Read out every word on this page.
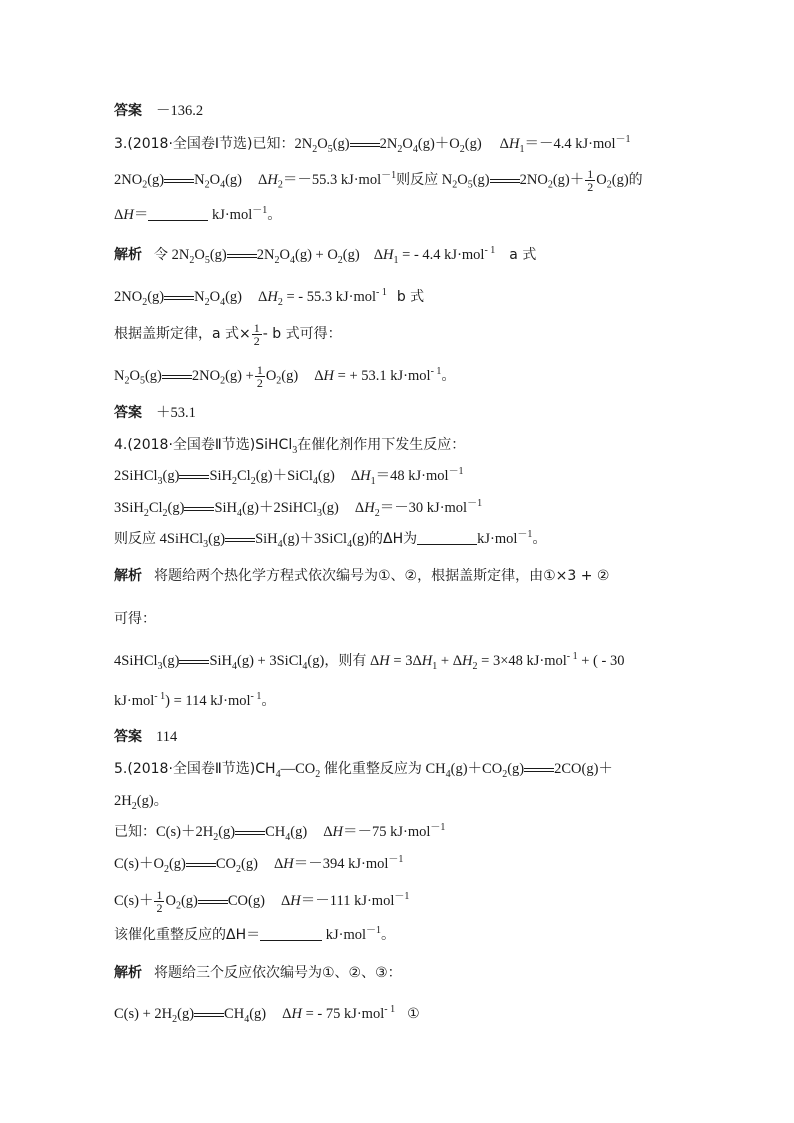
答案 －136.2
3.(2018·全国卷Ⅰ节选)已知：$2N_2O_5(g)$ $2N_2O_4(g)+O_2(g)$ $\Delta H_1=-4.4$ kJ·mol$^{-1}$
$2NO_2(g)$ $N_2O_4(g)$ $\Delta H_2=-55.3$ kJ·mol$^{-1}$则反应 $N_2O_5(g)$ $2NO_2(g)+ \frac{1}{2} O_2(g)$的
ΔH＝	kJ·mol$^{-1}$。
解析 令 $2N_2O_5(g) 2N_2O_4(g) + O_2(g) \Delta H_1$ = - 4.4 kJ·mol$^{- 1}$ a 式
$2NO_2(g)$ $N_2O_4(g) \Delta H_2$ = - 55.3 kJ·mol$^{- 1}$ b 式
根据盖斯定律，a 式× $\frac{1}{2}$ - b 式可得：
$N_2O_5(g) 2NO_2(g) + \frac{1}{2} O_2(g) \Delta H$ = + 53.1 kJ·mol$^{- 1}$。
答案 ＋53.1
4.(2018·全国卷Ⅱ节选)SiHCl$_3$在催化剂作用下发生反应：
2SiHCl$_3$(g) $SiH_2Cl_2(g)+SiCl_4(g)$ $\Delta H_1=48$ kJ·mol$^{-1}$
$3SiH_2Cl_2(g)$ SiH$_4$(g)＋2SiHCl$_3$(g) $\Delta H_2=-30$ kJ·mol$^{-1}$
则反应 4SiHCl$_3$(g) SiH$_4$(g)＋3SiCl$_4$(g)的ΔH为	kJ·mol$^{-1}$。
解析 将题给两个热化学方程式依次编号为①、②，根据盖斯定律，由①×3 + ②
可得：
4SiHCl$_3$(g) SiH$_4$(g) + 3SiCl$_4$(g)，则有 $\Delta H = 3\Delta H_1 + \Delta H_2 = 3\times 48$ kJ·mol$^{- 1}$ + ( - 30
kJ·mol$^{- 1}$) = 114 kJ·mol$^{- 1}$。
答案 114
5.(2018·全国卷Ⅱ节选)$CH_4—CO_2$ 催化重整反应为 $CH_4(g)+CO_2(g)$ 2CO(g)＋
$2H_2(g)$。
已知：$C(s)+2H_2(g)$ $CH_4(g)$ ΔH＝－75 kJ·mol$^{-1}$
$C(s)+O_2(g)$ $CO_2(g)$ ΔH＝－394 kJ·mol$^{-1}$
$C(s)+ \frac{1}{2} O_2(g)$ CO(g) ΔH＝－111 kJ·mol$^{-1}$
该催化重整反应的ΔH＝	kJ·mol$^{-1}$。
解析 将题给三个反应依次编号为①、②、③：
$C(s) + 2H_2(g)$ $CH_4(g) \Delta H$ = - 75 kJ·mol$^{- 1}$ ①
